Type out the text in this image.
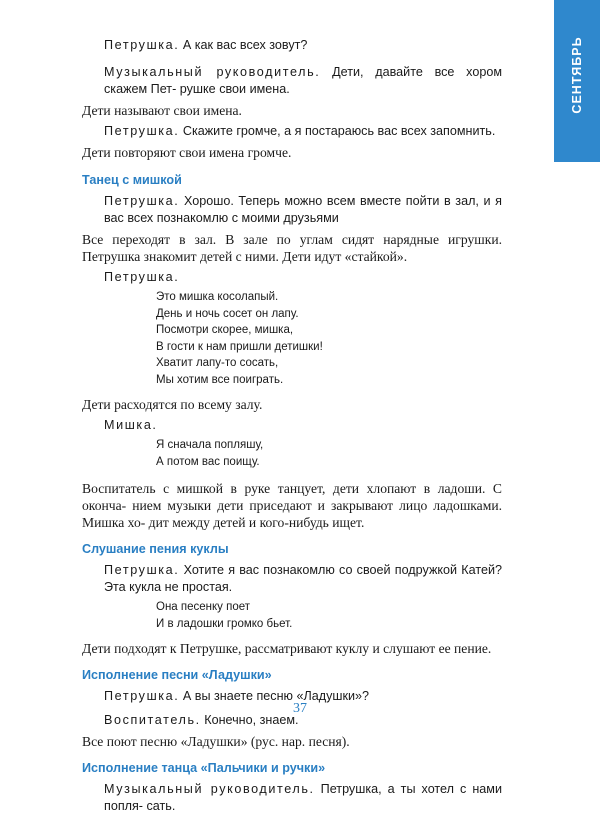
СЕНТЯБРЬ

Петрушка. А как вас всех зовут?

Музыкальный руководитель. Дети, давайте все хором скажем Пет- рушке свои имена.

Дети называют свои имена.

Петрушка. Скажите громче, а я постараюсь вас всех запомнить.

Дети повторяют свои имена громче.

Танец с мишкой

Петрушка. Хорошо. Теперь можно всем вместе пойти в зал, и я вас всех познакомлю с моими друзьями

Все переходят в зал. В зале по углам сидят нарядные игрушки. Петрушка знакомит детей с ними. Дети идут «стайкой».

Петрушка.

Это мишка косолапый.
День и ночь сосет он лапу.
Посмотри скорее, мишка,
В гости к нам пришли детишки!
Хватит лапу-то сосать,
Мы хотим все поиграть.

Дети расходятся по всему залу.

Мишка.

Я сначала попляшу,
А потом вас поищу.

Воспитатель с мишкой в руке танцует, дети хлопают в ладоши. С оконча- нием музыки дети приседают и закрывают лицо ладошками. Мишка хо- дит между детей и кого-нибудь ищет.

Слушание пения куклы

Петрушка. Хотите я вас познакомлю со своей подружкой Катей? Эта кукла не простая.

Она песенку поет
И в ладошки громко бьет.

Дети подходят к Петрушке, рассматривают куклу и слушают ее пение.

Исполнение песни «Ладушки»

Петрушка. А вы знаете песню «Ладушки»?

Воспитатель. Конечно, знаем.

Все поют песню «Ладушки» (рус. нар. песня).

Исполнение танца «Пальчики и ручки»

Музыкальный руководитель. Петрушка, а ты хотел с нами попля- сать.

37
